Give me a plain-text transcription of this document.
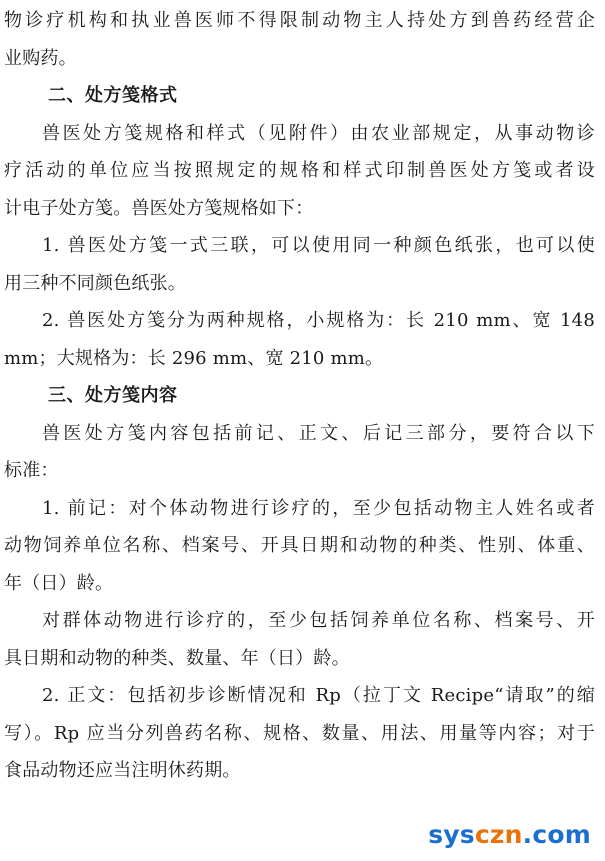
物诊疗机构和执业兽医师不得限制动物主人持处方到兽药经营企
业购药。
二、处方笺格式
兽医处方笺规格和样式（见附件）由农业部规定，从事动物诊
疗活动的单位应当按照规定的规格和样式印制兽医处方笺或者设
计电子处方笺。兽医处方笺规格如下：
1. 兽医处方笺一式三联，可以使用同一种颜色纸张，也可以使
用三种不同颜色纸张。
2. 兽医处方笺分为两种规格，小规格为：长 210 mm、宽 148
mm；大规格为：长 296 mm、宽 210 mm。
三、处方笺内容
兽医处方笺内容包括前记、正文、后记三部分，要符合以下
标准：
1. 前记：对个体动物进行诊疗的，至少包括动物主人姓名或者
动物饲养单位名称、档案号、开具日期和动物的种类、性别、体重、
年（日）龄。
对群体动物进行诊疗的，至少包括饲养单位名称、档案号、开
具日期和动物的种类、数量、年（日）龄。
2. 正文：包括初步诊断情况和 Rp（拉丁文 Recipe“请取”的缩
写）。Rp 应当分列兽药名称、规格、数量、用法、用量等内容；对于
食品动物还应当注明休药期。
sysczn.com
